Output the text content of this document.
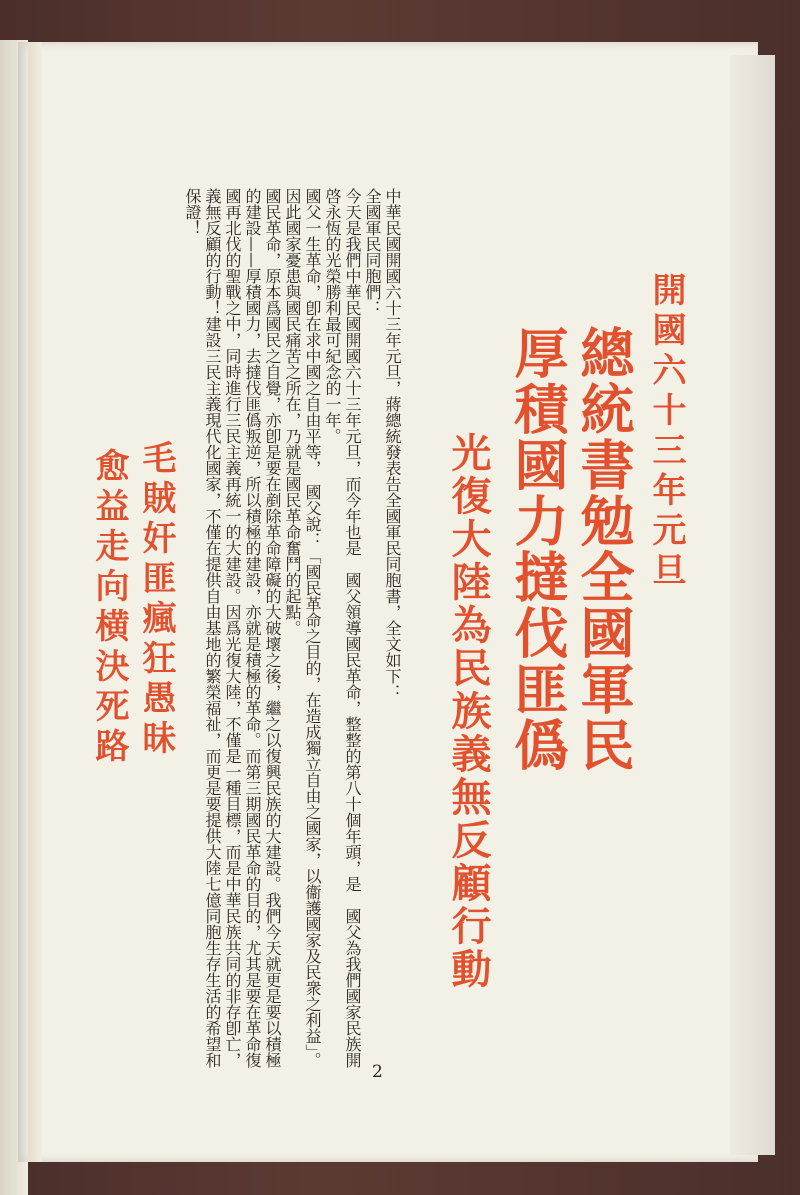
開國六十三年元旦
總統書勉全國軍民
厚積國力撻伐匪僞
光復大陸為民族義無反顧行動

中華民國開國六十三年元旦，蔣總統發表告全國軍民同胞書，全文如下：

全國軍民同胞們：

今天是我們中華民國開國六十三年元旦，而今年也是　國父領導國民革命，整整的第八十個年頭，是　國父為我們國家民族開啓永恆的光榮勝利最可紀念的一年。

國父一生革命，卽在求中國之自由平等，　國父說：「國民革命之目的，在造成獨立自由之國家，以衞護國家及民衆之利益」。因此國家憂患與國民痛苦之所在，乃就是國民革命奮鬥的起點。

國民革命，原本爲國民之自覺，亦卽是要在剷除革命障礙的大破壞之後，繼之以復興民族的大建設。我們今天就更是要以積極的建設——厚積國力，去撻伐匪僞叛逆，所以積極的建設，亦就是積極的革命。而第三期國民革命的目的，尤其是要在革命復國再北伐的聖戰之中，同時進行三民主義再統一的大建設。因爲光復大陸，不僅是一種目標，而是中華民族共同的非存卽亡，義無反顧的行動！建設三民主義現代化國家，不僅在提供自由基地的繁榮福祉，而更是要提供大陸七億同胞生存生活的希望和保證！

毛賊奸匪瘋狂愚昧
愈益走向横決死路
2
